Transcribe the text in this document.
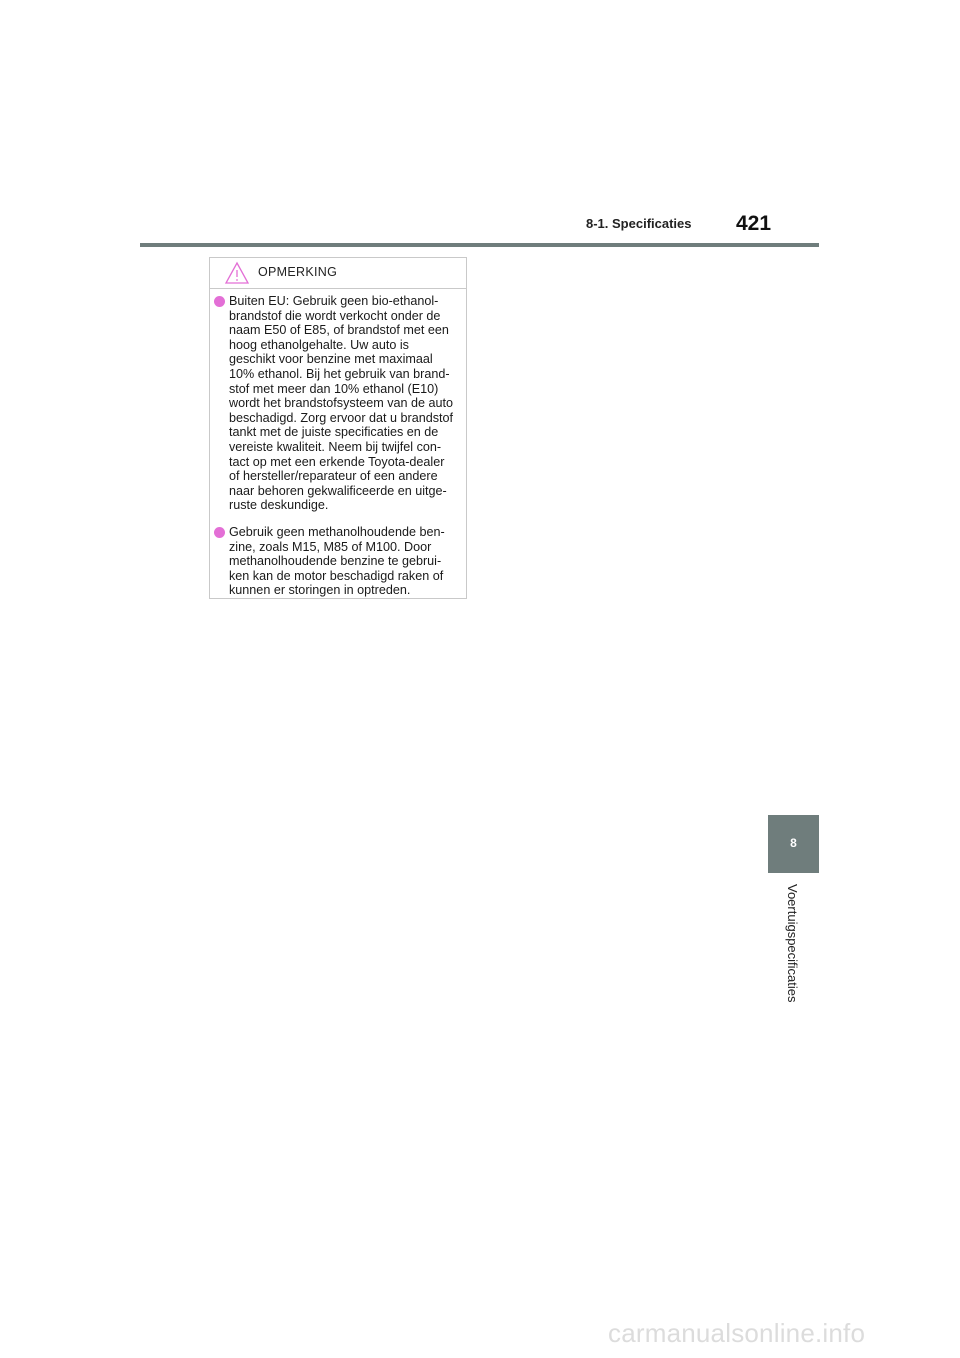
8-1. Specificaties 421
OPMERKING
Buiten EU: Gebruik geen bio-ethanol-
brandstof die wordt verkocht onder de
naam E50 of E85, of brandstof met een
hoog ethanolgehalte. Uw auto is
geschikt voor benzine met maximaal
10% ethanol. Bij het gebruik van brand-
stof met meer dan 10% ethanol (E10)
wordt het brandstofsysteem van de auto
beschadigd. Zorg ervoor dat u brandstof
tankt met de juiste specificaties en de
vereiste kwaliteit. Neem bij twijfel con-
tact op met een erkende Toyota-dealer
of hersteller/reparateur of een andere
naar behoren gekwalificeerde en uitge-
ruste deskundige.
Gebruik geen methanolhoudende ben-
zine, zoals M15, M85 of M100. Door
methanolhoudende benzine te gebrui-
ken kan de motor beschadigd raken of
kunnen er storingen in optreden.
8
Voertuigspecificaties
carmanualsonline.info
